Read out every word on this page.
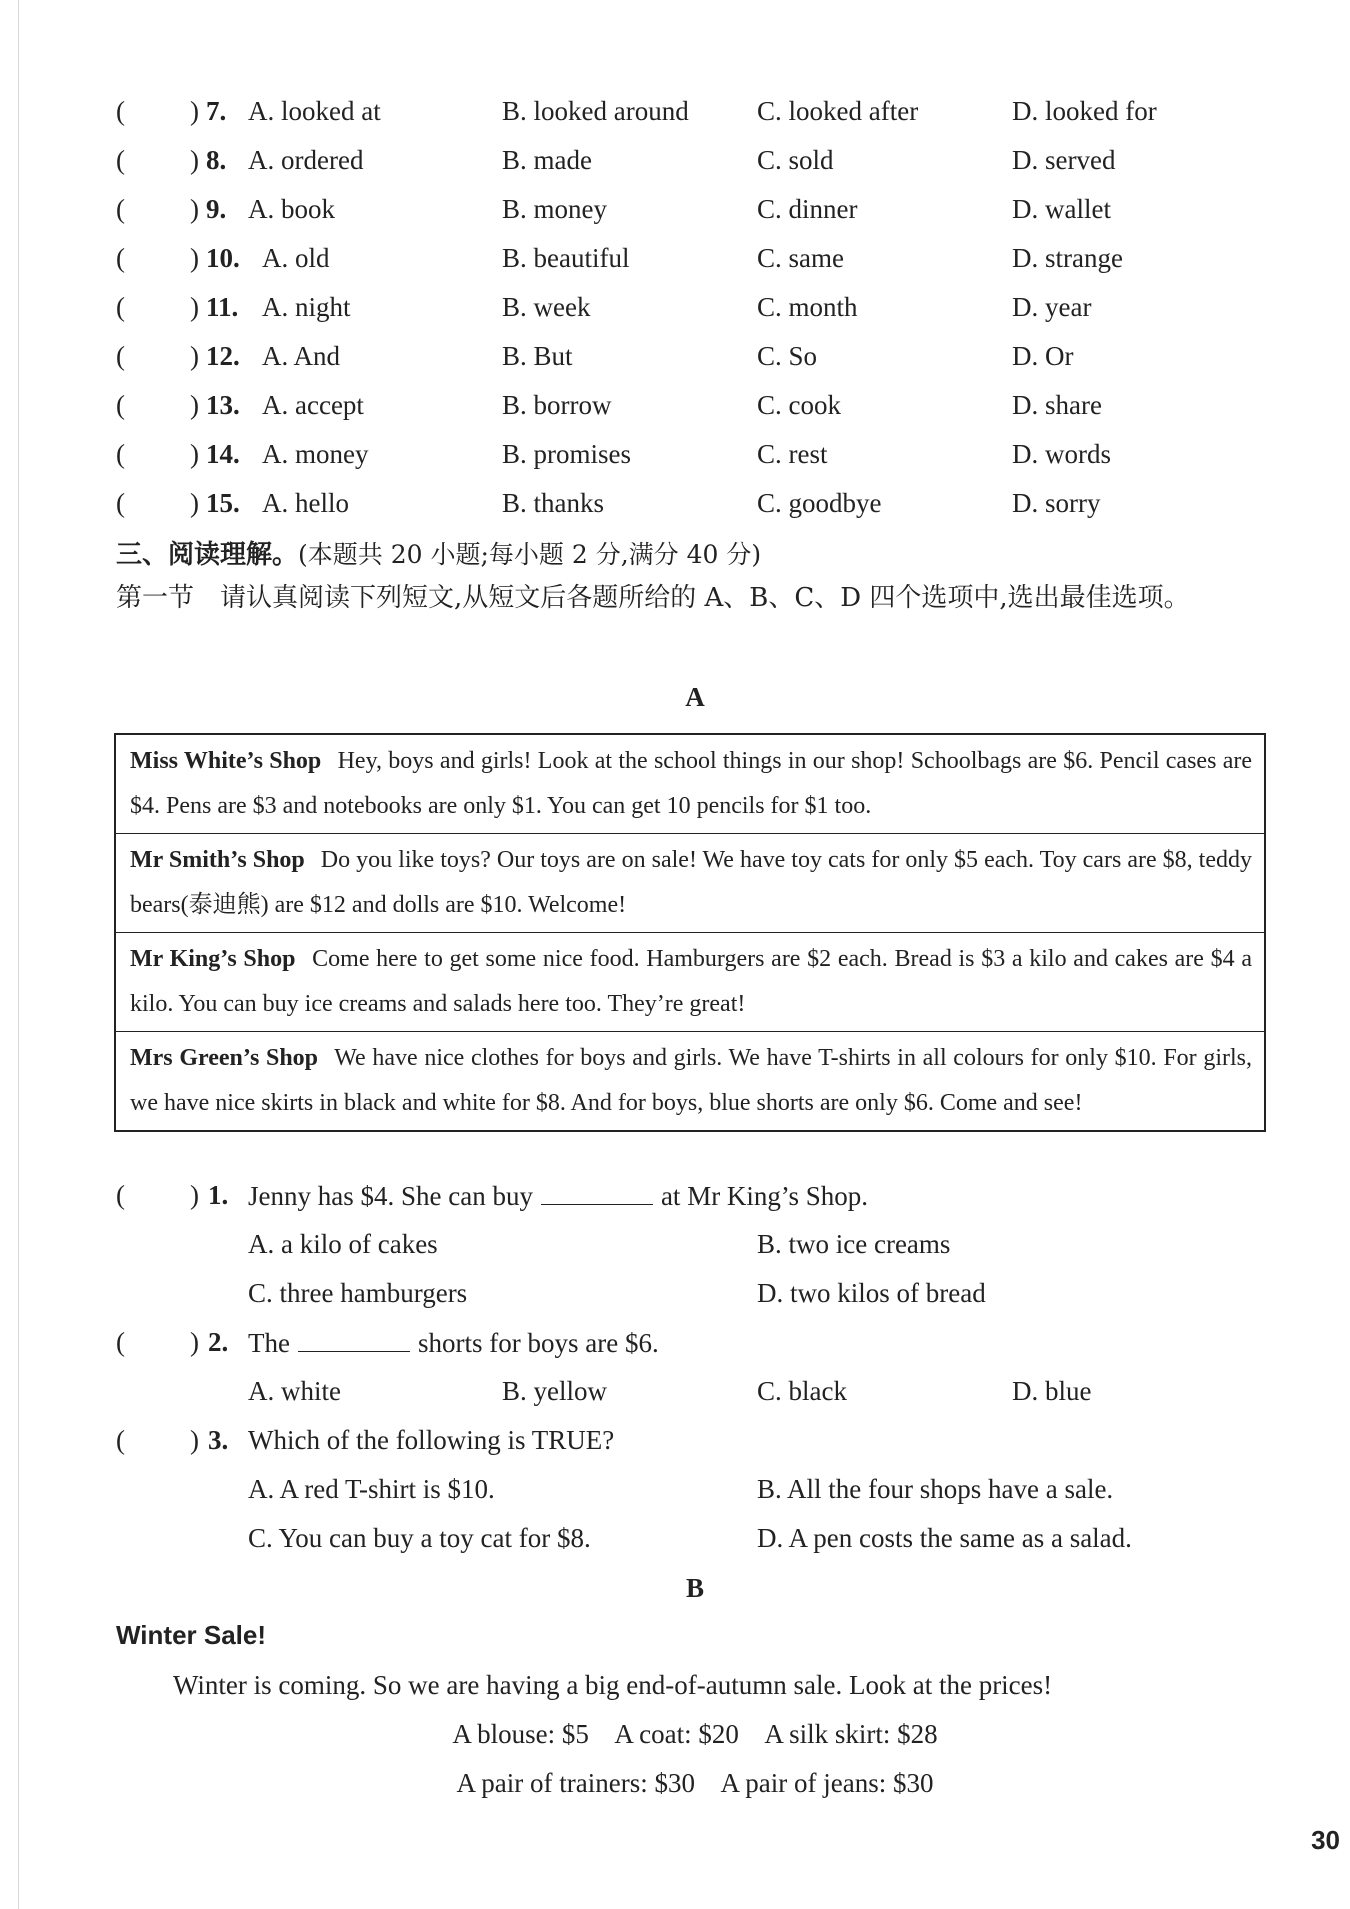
( ) 7. A. looked at	B. looked around	C. looked after	D. looked for
( ) 8. A. ordered	B. made	C. sold	D. served
( ) 9. A. book	B. money	C. dinner	D. wallet
( ) 10. A. old	B. beautiful	C. same	D. strange
( ) 11. A. night	B. week	C. month	D. year
( ) 12. A. And	B. But	C. So	D. Or
( ) 13. A. accept	B. borrow	C. cook	D. share
( ) 14. A. money	B. promises	C. rest	D. words
( ) 15. A. hello	B. thanks	C. goodbye	D. sorry
三、阅读理解。(本题共 20 小题;每小题 2 分,满分 40 分)
第一节　请认真阅读下列短文,从短文后各题所给的 A、B、C、D 四个选项中,选出最佳选项。
A
Miss White’s Shop Hey, boys and girls! Look at the school things in our shop! Schoolbags are $6. Pencil cases are $4. Pens are $3 and notebooks are only $1. You can get 10 pencils for $1 too.
Mr Smith’s Shop Do you like toys? Our toys are on sale! We have toy cats for only $5 each. Toy cars are $8, teddy bears(泰迪熊) are $12 and dolls are $10. Welcome!
Mr King’s Shop Come here to get some nice food. Hamburgers are $2 each. Bread is $3 a kilo and cakes are $4 a kilo. You can buy ice creams and salads here too. They’re great!
Mrs Green’s Shop We have nice clothes for boys and girls. We have T-shirts in all colours for only $10. For girls, we have nice skirts in black and white for $8. And for boys, blue shorts are only $6. Come and see!
( ) 1. Jenny has $4. She can buy	at Mr King’s Shop.
A. a kilo of cakes	B. two ice creams
C. three hamburgers	D. two kilos of bread
( ) 2. The	shorts for boys are $6.
A. white	B. yellow	C. black	D. blue
( ) 3. Which of the following is TRUE?
A. A red T-shirt is $10.	B. All the four shops have a sale.
C. You can buy a toy cat for $8.	D. A pen costs the same as a salad.
B
Winter Sale!
Winter is coming. So we are having a big end-of-autumn sale. Look at the prices!
A blouse: $5    A coat: $20    A silk skirt: $28
A pair of trainers: $30    A pair of jeans: $30
30
